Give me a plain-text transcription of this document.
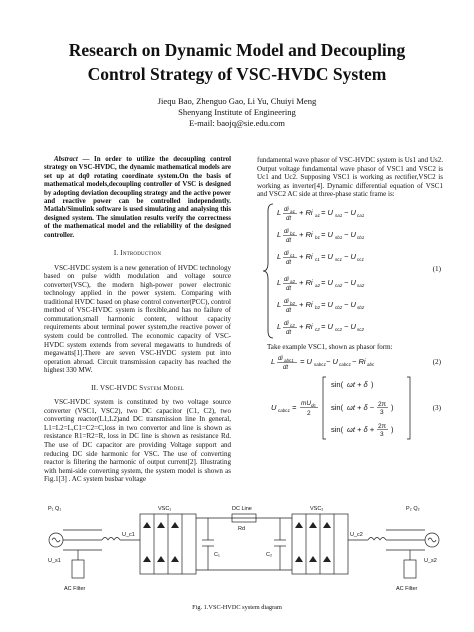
Research on Dynamic Model and Decoupling
Control Strategy of VSC-HVDC System
Jiequ Bao, Zhenguo Gao, Li Yu, Chuiyi Meng
Shenyang Institute of Engineering
E-mail: baojq@sie.edu.com

Abstract — In order to utilize the decoupling control strategy on VSC-HVDC, the dynamic mathematical models are set up at dq0 rotating coordinate system.On the basis of mathematical models,decoupling controller of VSC is designed by adopting deviation decoupling strategy and the active power and reactive power can be controlled independently. Matlab/Simulink software is used simulating and analysing this designed system. The simulation results verify the correctness of the mathematical model and the reliability of the designed controller.

I. Introduction

VSC-HVDC system is a new generation of HVDC technology based on pulse width modulation and voltage source converter(VSC), the modern high-power power electronic technology applied in the power system. Comparing with traditional HVDC based on phase control converter(PCC), control method of VSC-HVDC system is flexible,and has no failure of commutation,small harmonic content, without capacity requirements about terminal power system,the reactive power of system could be controlled. The economic capacity of VSC-HVDC system extends from several megawatts to hundreds of megawatts[1].There are seven VSC-HVDC system put into operation abroad. Circuit transmission capacity has reached the highest 330 MW.

II. VSC-HVDC System Model

VSC-HVDC system is constituted by two voltage source converter (VSC1, VSC2), two DC capacitor (C1, C2), two converting reactor(L1,L2)and DC transmission line In general, L1=L2=L,C1=C2=C,loss in two convertor and line is shown as resistance R1=R2=R, loss in DC line is shown as resistance Rd. The use of DC capacitor are providing Voltage support and reducing DC side harmonic for VSC. The use of converting reactor is filtering the harmonic of output current[2]. Illustrating with hemi-side converting system, the system model is shown as Fig.1[3] . AC system busbar voltage

fundamental wave phasor of VSC-HVDC system is Us1 and Us2. Output voltage fundamental wave phasor of VSC1 and VSC2 is Uc1 and Uc2. Supposing VSC1 is working as rectifier,VSC2 is working as inverter[4]. Dynamic differential equation of VSC1 and VSC2 AC side at three-phase static frame is:

L di a1
dt
+ Ri a1 = U sa1 − U ca1
L di b1
dt
+ Ri b1 = U sb1 − U cb1
L di c1
dt
+ Ri c1 = U sc1 − U cc1
L di a2
dt
+ Ri a2 = U ca2 − U sa2
L di b2
dt
+ Ri b2 = U cb2 − U sb2
L di c2
dt
+ Ri c2 = U cc2 − U sc2
(1)

Take example VSC1, shown as phasor form:

L di abc1
dt
= U sabc1 − U cabc1 − Ri abc	(2)
U cabc1 = mU dc
2
sin( ωt + δ )
sin( ωt + δ − 2π
3
)
sin( ωt + δ + 2π
3
)
(3)
P₁ Q₁	P₂ Q₂
U_s1	U_s2
AC Filter	AC Filter
VSC₁	VSC₂
DC Line
Rd
C₁	C₂
U_c1	U_c2
Fig. 1.VSC-HVDC system diagram
